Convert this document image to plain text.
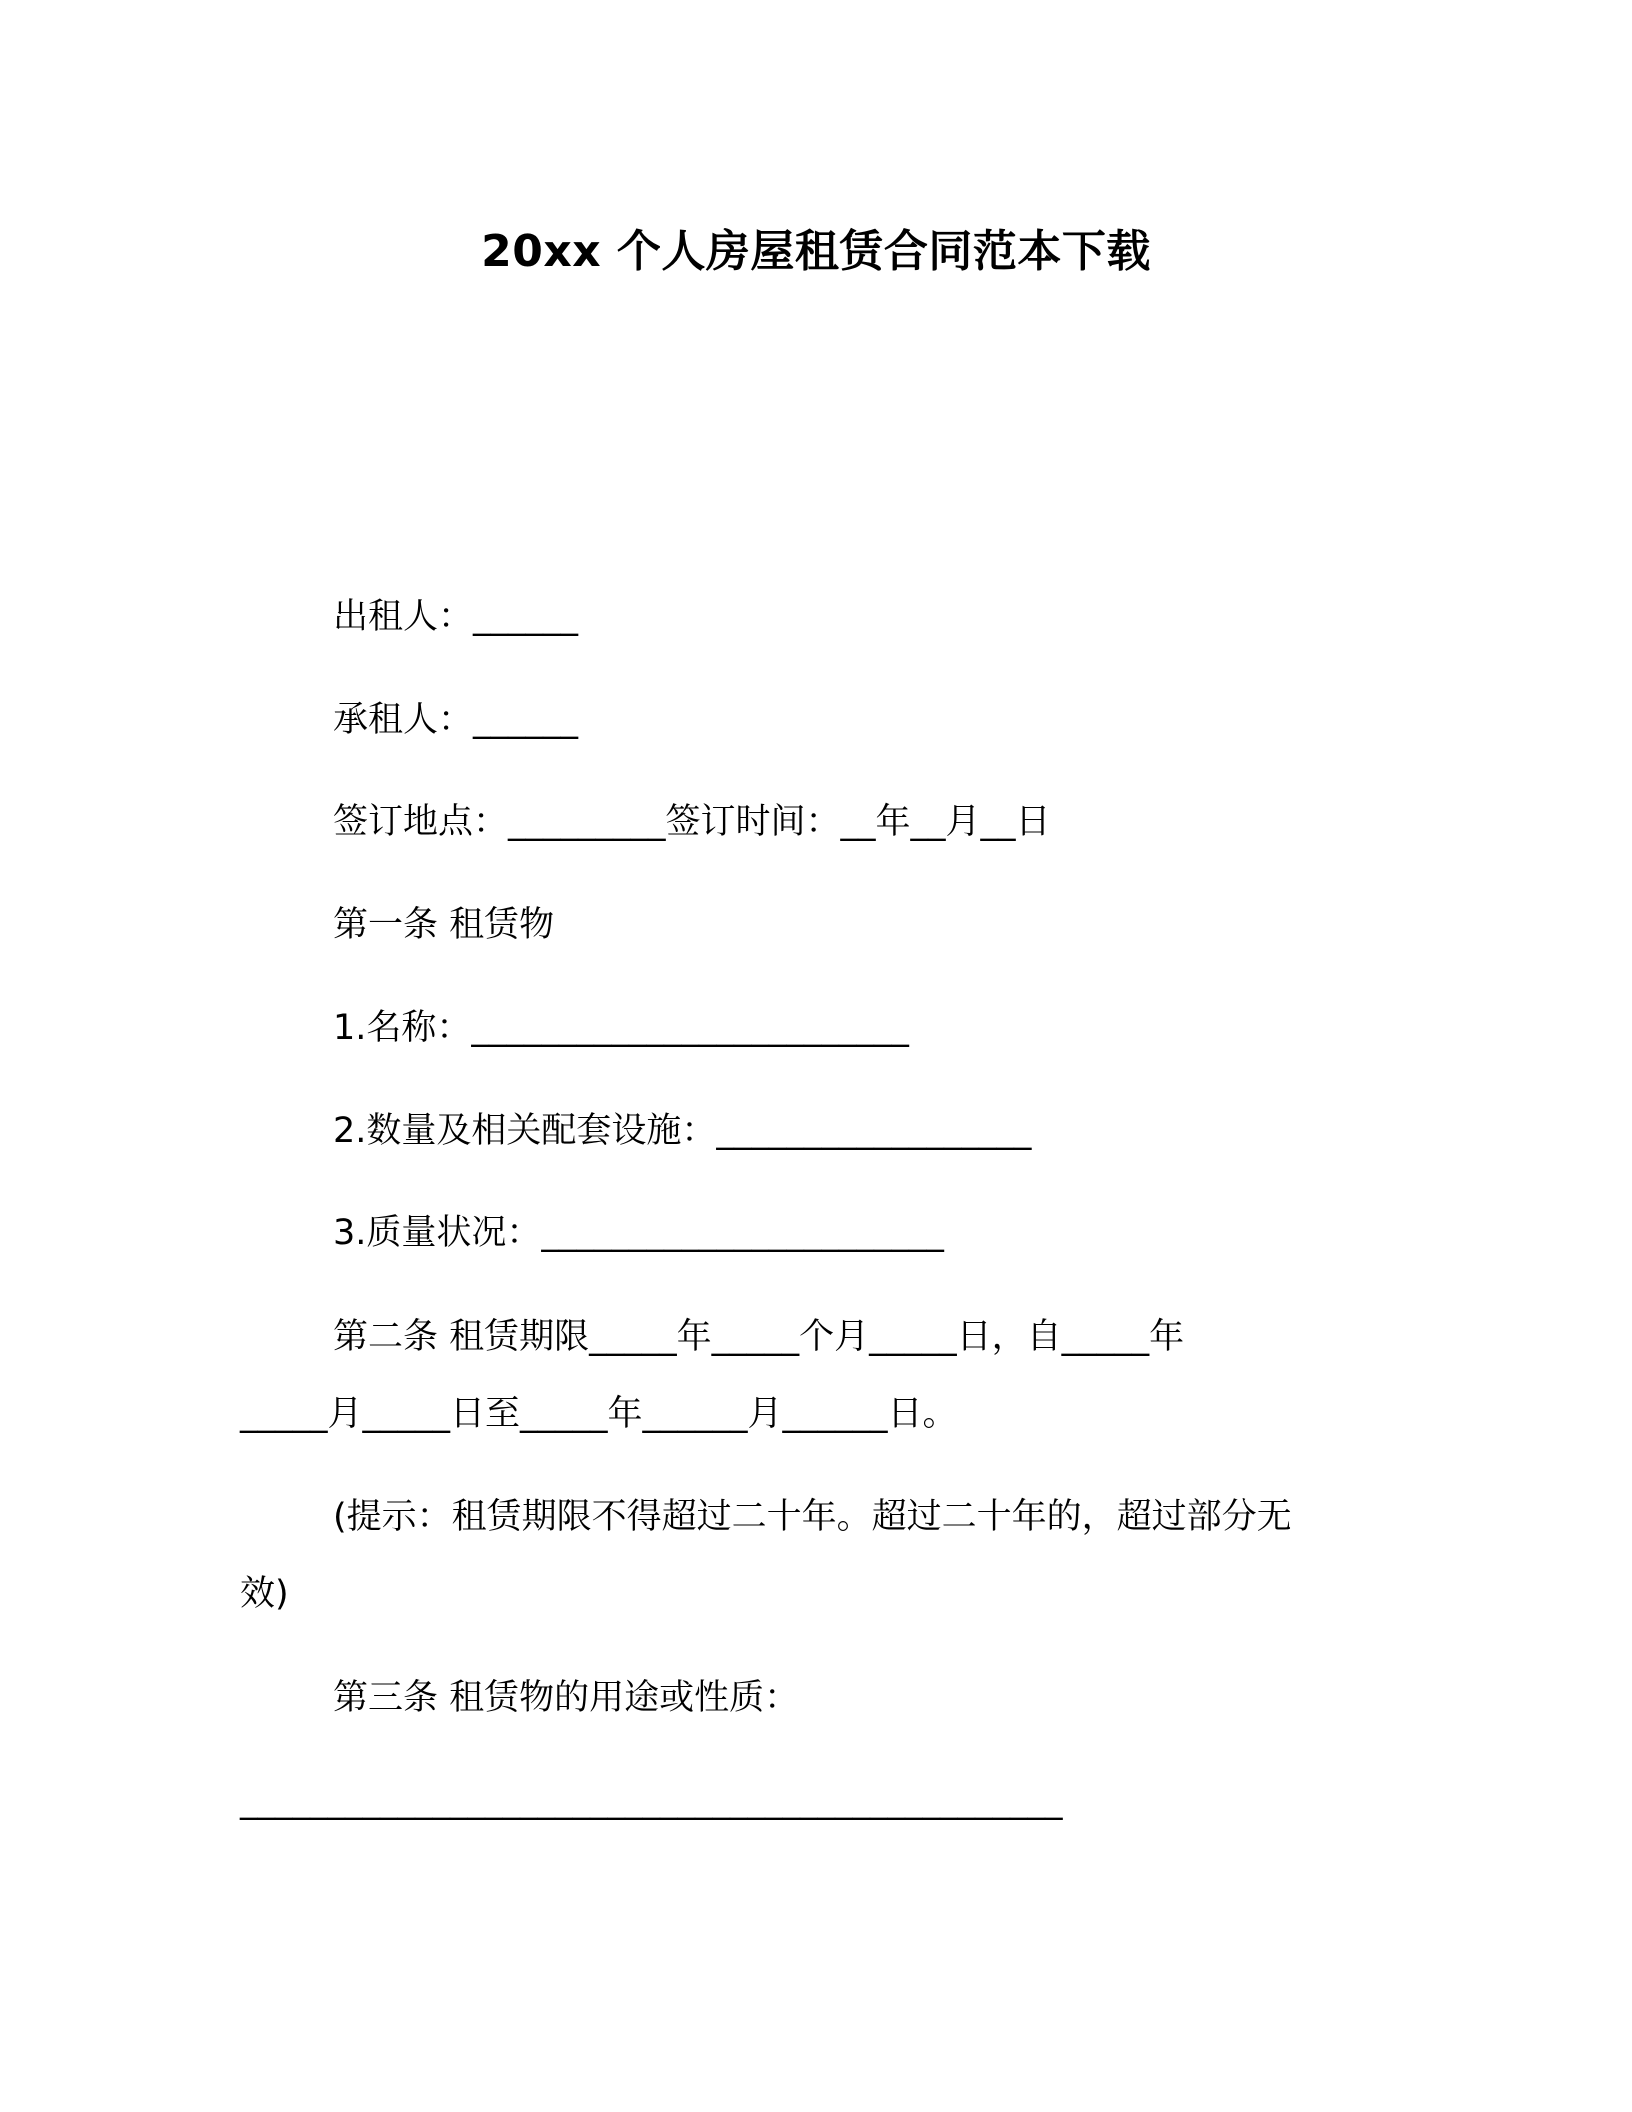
20xx 个人房屋租赁合同范本下载
出租人：______
承租人：______
签订地点：_________签订时间：__年__月__日
第一条 租赁物
1.名称：_________________________
2.数量及相关配套设施：__________________
3.质量状况：_______________________
第二条 租赁期限_____年_____个月_____日，自_____年
_____月_____日至_____年______月______日。
(提示：租赁期限不得超过二十年。超过二十年的，超过部分无
效)
第三条 租赁物的用途或性质：
_______________________________________________
